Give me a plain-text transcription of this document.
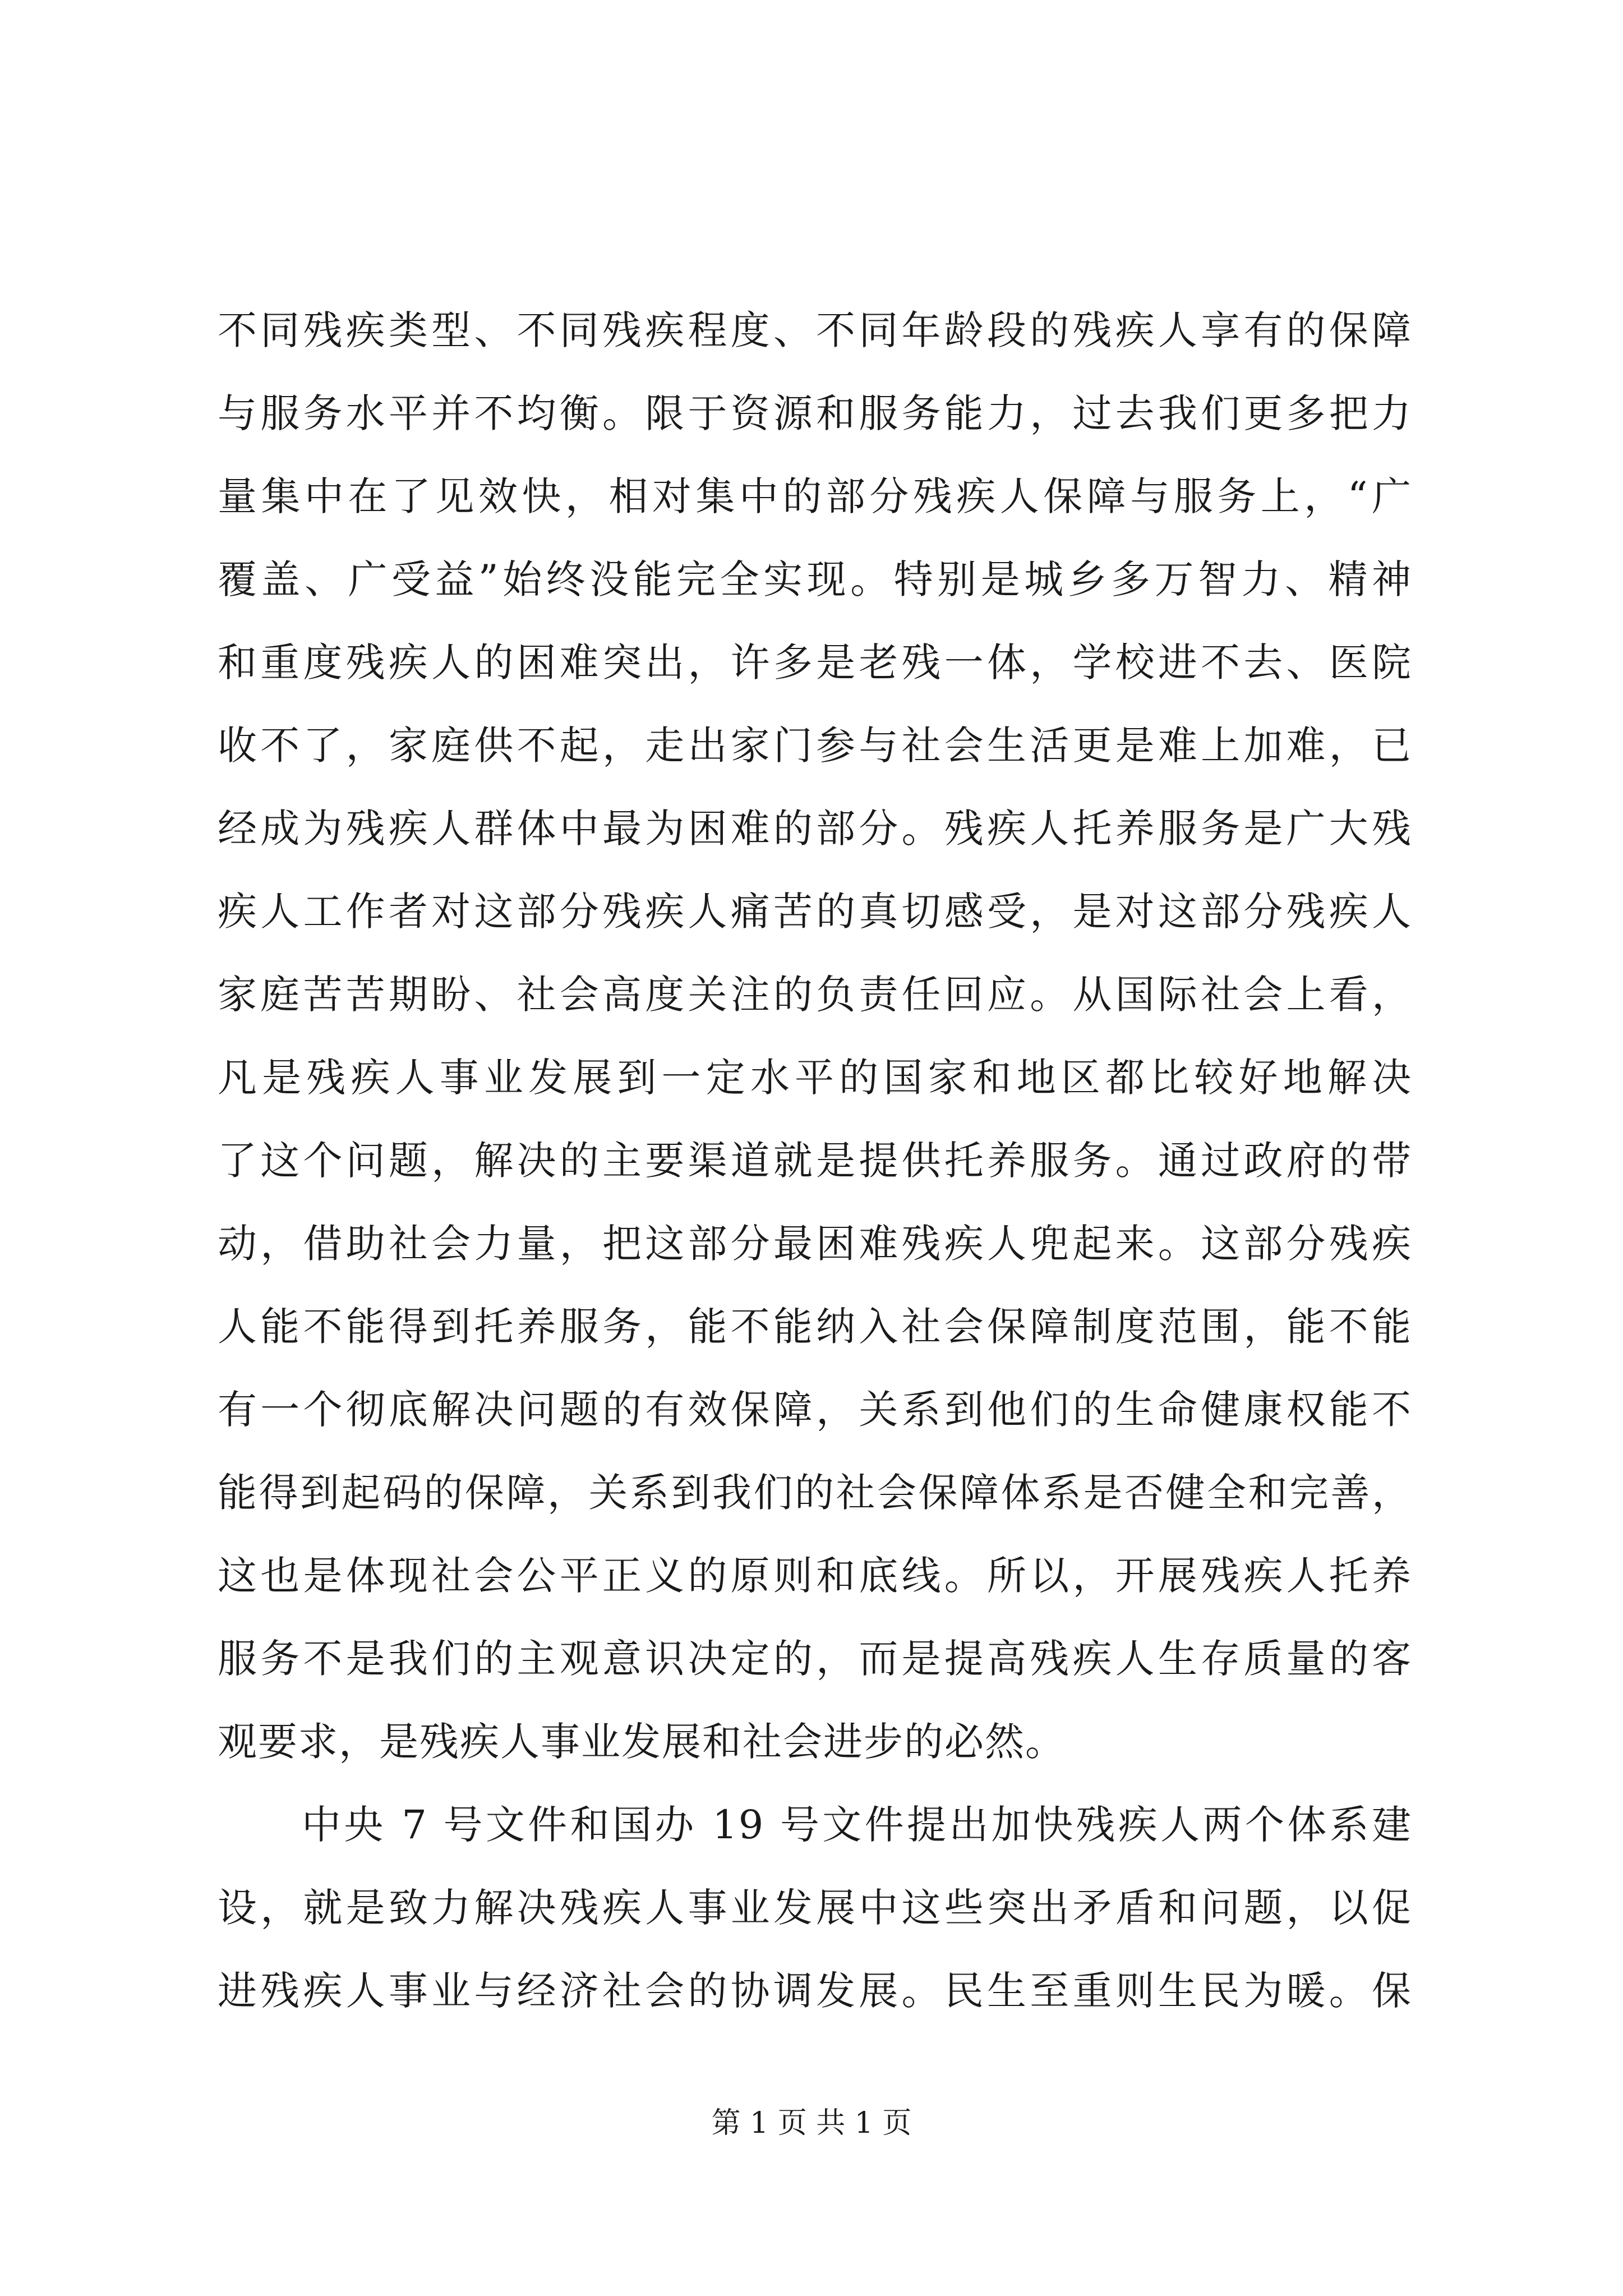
不同残疾类型、不同残疾程度、不同年龄段的残疾人享有的保障
与服务水平并不均衡。限于资源和服务能力，过去我们更多把力
量集中在了见效快，相对集中的部分残疾人保障与服务上，“广
覆盖、广受益”始终没能完全实现。特别是城乡多万智力、精神
和重度残疾人的困难突出，许多是老残一体，学校进不去、医院
收不了，家庭供不起，走出家门参与社会生活更是难上加难，已
经成为残疾人群体中最为困难的部分。残疾人托养服务是广大残
疾人工作者对这部分残疾人痛苦的真切感受，是对这部分残疾人
家庭苦苦期盼、社会高度关注的负责任回应。从国际社会上看，
凡是残疾人事业发展到一定水平的国家和地区都比较好地解决
了这个问题，解决的主要渠道就是提供托养服务。通过政府的带
动，借助社会力量，把这部分最困难残疾人兜起来。这部分残疾
人能不能得到托养服务，能不能纳入社会保障制度范围，能不能
有一个彻底解决问题的有效保障，关系到他们的生命健康权能不
能得到起码的保障，关系到我们的社会保障体系是否健全和完善，
这也是体现社会公平正义的原则和底线。所以，开展残疾人托养
服务不是我们的主观意识决定的，而是提高残疾人生存质量的客
观要求，是残疾人事业发展和社会进步的必然。
中央 7 号文件和国办 19 号文件提出加快残疾人两个体系建
设，就是致力解决残疾人事业发展中这些突出矛盾和问题，以促
进残疾人事业与经济社会的协调发展。民生至重则生民为暖。保
第 1 页 共 1 页
